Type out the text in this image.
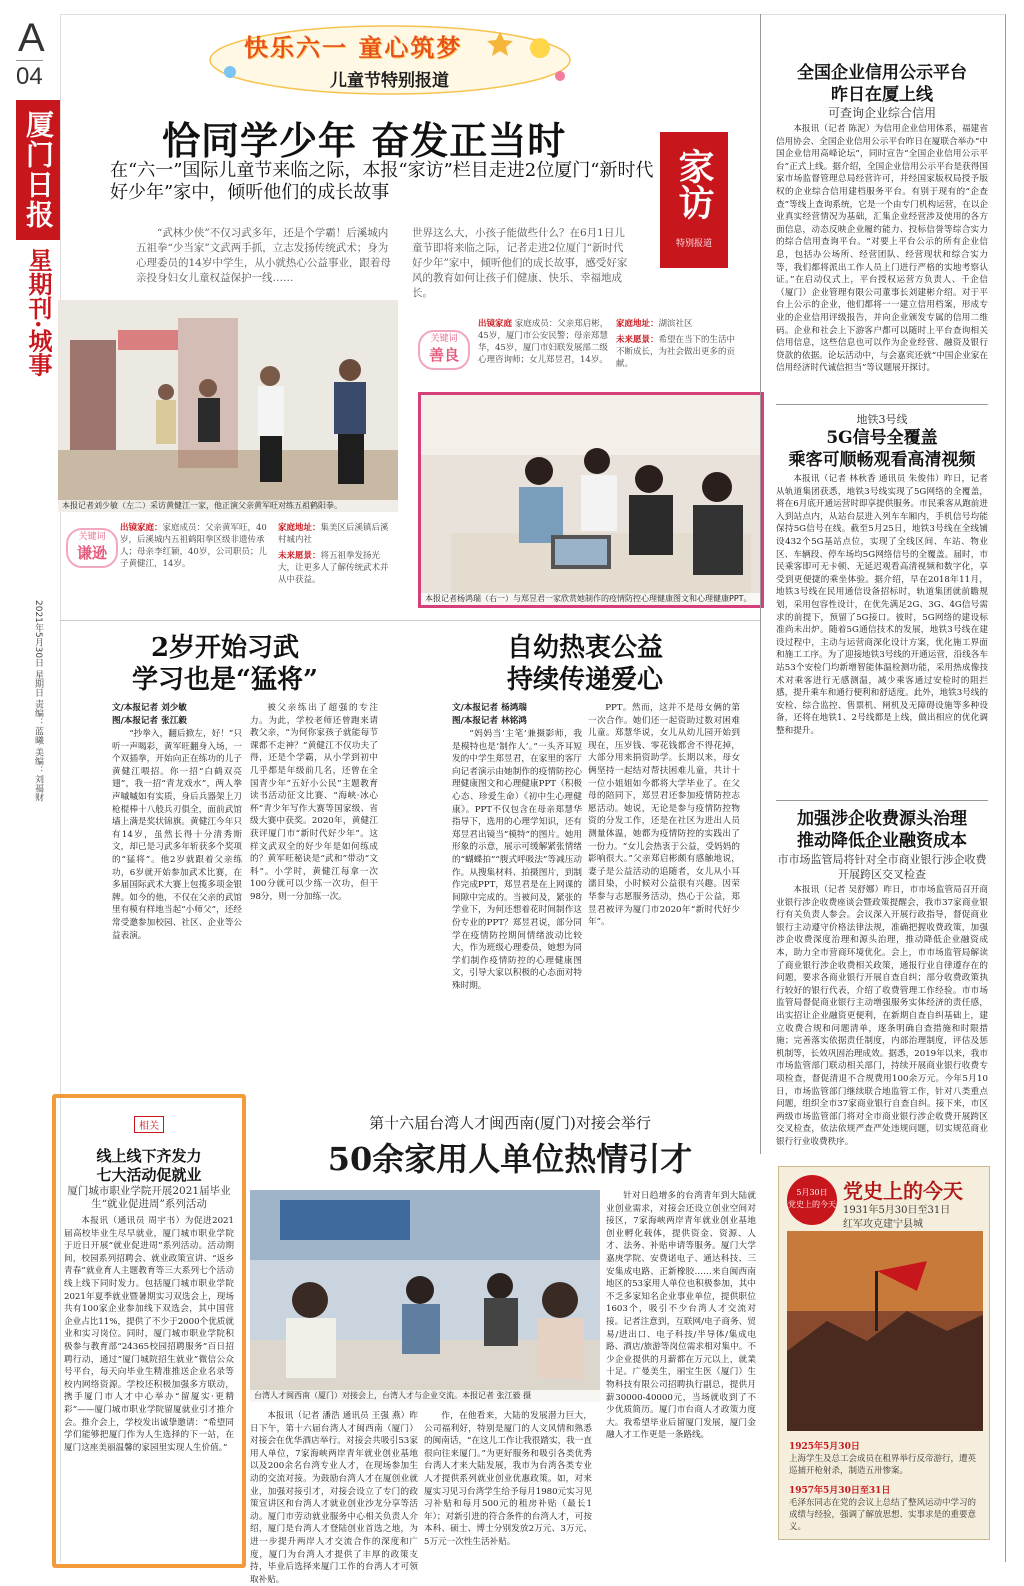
A
04
厦门日报
星期刊·城事
2021年5月30日 星期日 责编：蓝曦 美编：刘福财
快乐六一 童心筑梦
儿童节特别报道
恰同学少年 奋发正当时
在“六一”国际儿童节来临之际，本报“家访”栏目走进2位厦门“新时代好少年”家中，倾听他们的成长故事	家访
特别报道
“武林少侠”不仅习武多年，还是个学霸！后溪城内五祖拳“少当家”文武两手抓，立志发扬传统武术；身为心理委员的14岁中学生，从小就热心公益事业，跟着母亲投身妇女儿童权益保护一线……
世界这么大，小孩子能做些什么？在6月1日儿童节即将来临之际，记者走进2位厦门“新时代好少年”家中，倾听他们的成长故事，感受好家风的教育如何让孩子们健康、快乐、幸福地成长。
本报记者刘少敏（左二）采访黄健江一家，他正演父亲黄军旺对练五祖鹤阳拳。
关键词
谦逊
出镜家庭：家庭成员：父亲黄军旺，40岁，后溪城内五祖鹤阳拳区级非遗传承人；母亲李红颖，40岁，公司职员；儿子黄健江，14岁。
家庭地址：集美区后溪镇后溪村城内社
未来愿景：将五祖拳发扬光大，让更多人了解传统武术并从中获益。
关键词
善良
出镜家庭 家庭成员：父亲郑启彬，45岁，厦门市公安民警；母亲郑慧华，45岁，厦门市妇联发展部二级心理咨询师；女儿郑昱君，14岁。
家庭地址：湖滨社区
未来愿景：希望在当下的生活中不断成长，为社会做出更多的贡献。
本报记者杨鸿瑞（右一）与郑昱君一家欣赏她制作的疫情防控心理健康图文和心理健康PPT。
2岁开始习武
学习也是“猛将”
文/本报记者 刘少敏
图/本报记者 张江毅

“抄拳入，翻后掀左，好！”只听一声喝彩，黄军旺翻身入场，一个双插拳，开始向正在练功的儿子黄健江喂招。你一招“白鹤双亮翅”，我一招“青龙戏水”，两人拳声嘁嘁如有实质，身后兵器架上刀枪棍棒十八般兵刃俱全，面前武馆墙上满是奖状锦旗。黄健江今年只有14岁，虽然长得十分清秀斯文，却已是习武多年斩获多个奖项的“猛将”。他2岁就跟着父亲练功，6岁就开始参加武术比赛，在多届国际武术大赛上包揽多项金银牌。如今的他，不仅在父亲的武馆里有模有样地当起“小师父”，还经常受邀参加校园、社区、企业等公益表演。

被父亲练出了超强的专注力。为此，学校老师还曾跑来请教父亲，“为何你家孩子就能每节课都不走神？”黄健江不仅功夫了得，还是个学霸，从小学到初中几乎都是年级前几名，还曾在全国青少年“五好小公民”主题教育读书活动征文比赛、“海峡·冰心杯”青少年写作大赛等国家级、省级大赛中获奖。2020年，黄健江获评厦门市“新时代好少年”。这样文武双全的好少年是如何练成的？黄军旺秘诀是“武和”带动“文科”。小学时，黄健江每拿一次100分就可以少练一次功，但干98分，则一分加练一次。

自幼热衷公益
持续传递爱心
文/本报记者 杨鸿瑞
图/本报记者 林铭鸿

“妈妈当‘主笔’兼摄影师，我是模特也是‘制作人’。”一头齐耳短发的中学生郑昱君，在家里的客厅向记者演示由她制作的疫情防控心理健康图文和心理健康PPT（积极心态、珍爱生命）《初中生心理健康》。PPT不仅包含在母亲郑慧华指导下，选用的心理学知识，还有郑昱君出镜当“模特”的图片。她用形象的示意，展示可缓解紧张情绪的“蝴蝶拍”“腹式呼吸法”等减压动作。从搜集材料、拍摄图片，到制作完成PPT，郑昱君是在上网课的间隙中完成的。当被问及，紧张的学业下，为何还想着花时间制作这份专业的PPT？郑昱君说，部分同学在疫情防控期间情绪波动比较大，作为班级心理委员，她想为同学们制作疫情防控的心理健康图文，引导大家以积极的心态面对特殊时期。

PPT。然而，这并不是母女俩的第一次合作。她们还一起资助过数对困难儿童。郑慧华说，女儿从幼儿园开始到现在，压岁钱、零花钱都舍不得花掉，大部分用来捐资助学。长期以来，母女俩坚持一起结对帮扶困难儿童，共计十一位小姐姐如今都将大学毕业了。在父母的陪同下，郑昱君还参加疫情防控志愿活动。她说，无论是参与疫情防控物资的分发工作，还是在社区为进出人员测量体温，她都为疫情防控的实践出了一份力。“女儿会热衷于公益，受妈妈的影响很大。”父亲郑启彬颇有感触地说，妻子是公益活动的追随者，女儿从小耳濡目染，小时候对公益很有兴趣。因荣华参与志愿服务活动，热心于公益，郑昱君被评为厦门市2020年“新时代好少年”。

全国企业信用公示平台
昨日在厦上线
可查询企业综合信用

本报讯（记者 陈泥）为信用企业信用体系，福建省信用协会、全国企业信用公示平台昨日在厦联合举办“中国企业信用高峰论坛”，同时宣告“全国企业信用公示平台”正式上线。据介绍，全国企业信用公示平台是获得国家市场监督管理总局经营许可，并经国家版权局授予版权的企业综合信用建档服务平台。有别于现有的“企查查”等线上查询系统，它是一个由专门机构运营，在以企业真实经营情况为基础，汇集企业经营涉及使用的各方面信息，动态反映企业履约能力、投标信誉等综合实力的综合信用查询平台。“对要上平台公示的所有企业信息，包括办公场所、经营团队、经营现状和综合实力等，我们都将派出工作人员上门进行严格的实地考察认证。”在启动仪式上，平台授权运营方负责人、千企信（厦门）企业管理有限公司董事长刘建彬介绍。对于平台上公示的企业，他们都将一一建立信用档案，形成专业的企业信用评级报告，并向企业颁发专属的信用二维码。企业和社会上下游客户都可以随时上平台查询相关信用信息，这些信息也可以作为企业经营、融资及银行贷款的依据。论坛活动中，与会嘉宾还就“中国企业家在信用经济时代诚信担当”等议题展开探讨。

地铁3号线
5G信号全覆盖
乘客可顺畅观看高清视频

本报讯（记者 林秋香 通讯员 朱俊伟）昨日，记者从轨道集团获悉，地铁3号线实现了5G网络的全覆盖，将在6月底开通运营时即享提供服务。市民乘客从跑前进入到站点内，从站台层进入列车车厢内，手机信号均能保持5G信号在线。截至5月25日，地铁3号线在全线铺设432个5G基站点位，实现了全线区间、车站、物业区、车辆段、停车场均5G网络信号的全覆盖。届时，市民乘客即可无卡顿、无延迟观看高清视频和数字化，享受到更便捷的乘坐体验。据介绍，早在2018年11月，地铁3号线在民用通信设备招标时，轨道集团就前瞻规划，采用包容性设计，在优先满足2G、3G、4G信号需求的前提下，预留了5G接口。彼时，5G网络的建设标准尚未出炉。随着5G通信技术的发展，地铁3号线在建设过程中，主动与运营商深化设计方案，优化施工界面和施工工序。为了迎接地铁3号线的开通运营，沿线各车站53个安检门均新增智能体温检测功能，采用热成像技术对乘客进行无感测温，减少乘客通过安检时的阻拦感，提升乘车和通行便利和舒适度。此外，地铁3号线的安检、综合监控、售票机、闸机及无障碍设施等多种设备，还将在地铁1、2号线都是上线，做出相应的优化调整和提升。

加强涉企收费源头治理
推动降低企业融资成本
市市场监管局将针对全市商业银行涉企收费开展跨区交叉检查

本报讯（记者 吴舒娜）昨日，市市场监管局召开商业银行涉企收费座谈会暨政策提醒会，我市37家商业银行有关负责人参会。会议深入开展行政指导，督促商业银行主动遵守价格法律法规，准确把握收费政策，加强涉企收费深度治理和源头治理，推动降低企业融资成本，助力全市营商环境优化。会上，市市场监管局解读了商业银行涉企收费相关政策，通报行业自律遵存在的问题，要求各商业银行开展自查自纠；部分收费政策执行较好的银行代表，介绍了收费管理工作经验。市市场监管局督促商业银行主动增强服务实体经济的责任感，出实招让企业融资更便利，在新期自查自纠基础上，建立收费合规和问题清单，逐条明确自查措施和时限措施；完善落实依据责任制度，内部治理制度，评估及惩机制等，长效巩固治理成效。据悉，2019年以来，我市市场监管部门联动相关部门，持续开展商业银行收费专项检查，督促清退不合规费用100余万元。今年5月10日，市场监管部门继续联合地监管工作，针对八类重点问题，组织全市37家商业银行自查自纠。接下来，市区两级市场监管部门将对全市商业银行涉企收费开展跨区交叉检查，依法依规严查严处违规问题，切实规范商业银行行业收费秩序。

相关
线上线下齐发力
七大活动促就业
厦门城市职业学院开展2021届毕业生“就业促进周”系列活动

本报讯（通讯员 周宇书）为促进2021届高校毕业生尽早就业，厦门城市职业学院于近日开展“就业促进周”系列活动。活动期间，校园系列招聘会、就业政策宣讲、“返乡青春”就业育人主题教育等三大系列七个活动线上线下同时发力。包括厦门城市职业学院2021年夏季就业暨暑期实习双选会上，现场共有100家企业参加线下双选会，其中国营企业占比11%，提供了不少于2000个优质就业和实习岗位。同时，厦门城市职业学院积极参与教育部“24365校园招聘服务”百日招聘行动，通过“厦门城院招生就业”微信公众号平台，每天向毕业生精准推送企业名录等校内网络资源。学校还积极加强多方联动，携手厦门市人才中心举办“留厦实·更精彩”——厦门城市职业学院留厦就业引才推介会。推介会上，学校发出诚挚邀请：“希望同学们能够把厦门作为人生选择的下一站，在厦门这座美丽温馨的家园里实现人生价值。”

第十六届台湾人才闽西南(厦门)对接会举行
50余家用人单位热情引才
台湾人才闽西南（厦门）对接会上，台湾人才与企业交流。本报记者 张江毅 摄

本报讯（记者 潘浩 通讯员 王强 燕）昨日下午，第十六届台湾人才闽西南（厦门）对接会在优华酒店举行。对接会共吸引53家用人单位，7家海峡两岸青年就业创业基地以及200余名台湾专业人才，在现场参加生动的交流对接。为鼓励台湾人才在厦创业就业，加强对接引才，对接会设立了专门的政策宣讲区和台湾人才就业创业沙龙分享等活动。厦门市劳动就业服务中心相关负责人介绍，厦门是台湾人才登陆创业首选之地，为进一步提升两岸人才交流合作的深度和广度，厦门为台湾人才提供了丰厚的政策支持，毕业后选择来厦门工作的台湾人才可领取补贴。

作，在他看来，大陆的发展潜力巨大，公司福利好，特别是厦门的人文风情和熟悉的闽南话，“在这儿工作让我很踏实，我一直很向往来厦门。”为更好服务和吸引各类优秀台湾人才来大陆发展，我市为台湾各类专业人才提供系列就业创业优惠政策。如，对来厦实习见习台湾学生给予每月1980元实习见习补贴和每月500元的租房补贴（最长1年）；对新引进的符合条件的台湾人才，可按本科、硕士、博士分别发放2万元、3万元、5万元一次性生活补贴。

针对日趋增多的台湾青年到大陆就业创业需求，对接会还设立创业空间对接区，7家海峡两岸青年就业创业基地创业孵化载体，提供资金、资源、人才、法务、补贴申请等服务。厦门大学嘉庚学院、安费诺电子、通达科技、三安集成电路、正新橡胶……来自闽西南地区的53家用人单位也积极参加，其中不乏多家知名企业事业单位，提供职位1603个，吸引不少台湾人才交流对接。记者注意到，互联网/电子商务、贸易/进出口、电子科技/半导体/集成电路、酒店/旅游等岗位需求相对集中。不少企业提供的月薪都在万元以上，就業十足。广曼美生，丽宝生医（厦门）生物科技有限公司招聘执行副总，提供月薪30000-40000元，当场就收到了不少优质简历。厦门市台商人才政策力度大。我希望毕业后留厦门发展，厦门金融人才工作更是一条路线。

5月30日
党史上的今天
党史上的今天
1931年5月30日至31日
红军攻克建宁县城
1925年5月30日
上海学生及总工会成员在租界举行反帝游行，遭英巡捕开枪射杀，制造五卅惨案。
1957年5月30日至31日
毛泽东同志在党的会议上总结了整风运动中学习的成绩与经验，强调了解放思想、实事求是的重要意义。
